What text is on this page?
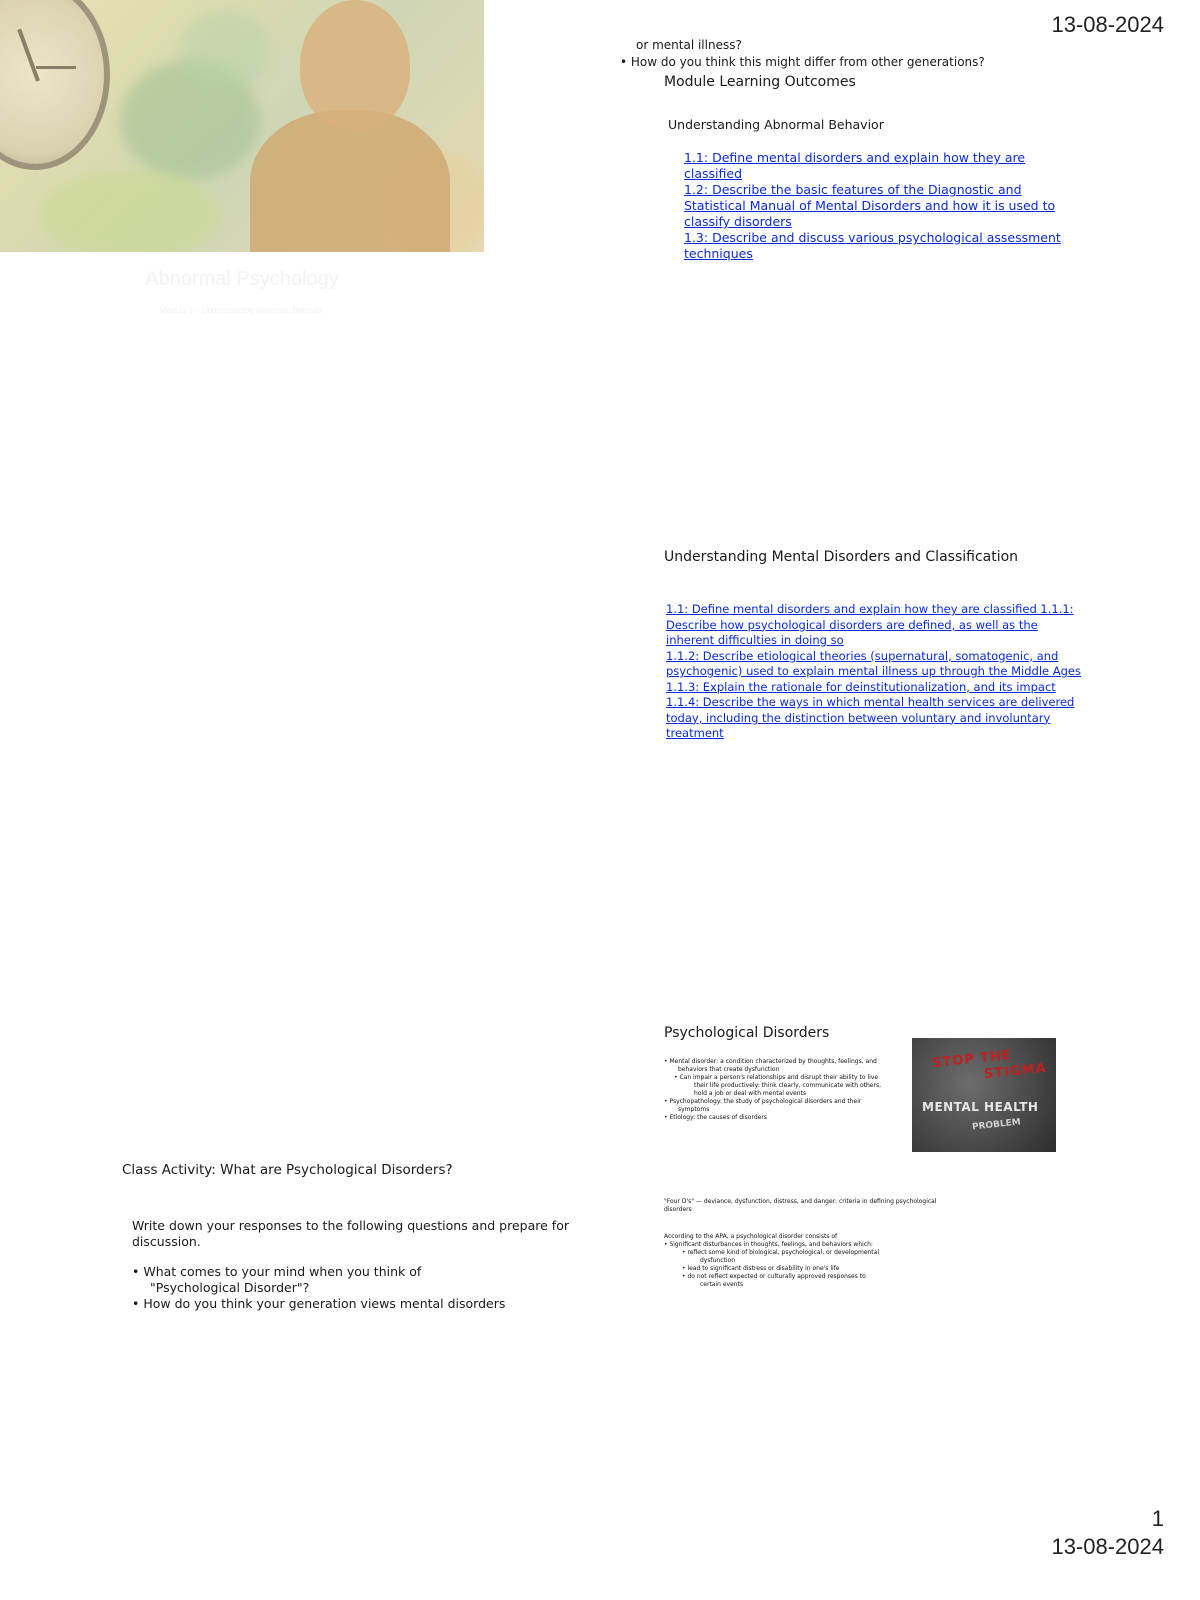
13-08-2024
1
13-08-2024
Abnormal Psychology
Module 1 – Understanding Abnormal Behavior
or mental illness?
• How do you think this might differ from other generations?
Module Learning Outcomes
Understanding Abnormal Behavior
1.1: Define mental disorders and explain how they are classified
1.2: Describe the basic features of the Diagnostic and Statistical Manual of Mental Disorders and how it is used to classify disorders
1.3: Describe and discuss various psychological assessment techniques
Understanding Mental Disorders and Classification
1.1: Define mental disorders and explain how they are classified 1.1.1: Describe how psychological disorders are defined, as well as the inherent difficulties in doing so
1.1.2: Describe etiological theories (supernatural, somatogenic, and psychogenic) used to explain mental illness up through the Middle Ages
1.1.3: Explain the rationale for deinstitutionalization, and its impact
1.1.4: Describe the ways in which mental health services are delivered today, including the distinction between voluntary and involuntary treatment
Psychological Disorders
• Mental disorder: a condition characterized by thoughts, feelings, and
behaviors that create dysfunction
• Can impair a person's relationships and disrupt their ability to live
their life productively: think clearly, communicate with others,
hold a job or deal with mental events
• Psychopathology: the study of psychological disorders and their
symptoms
• Etiology: the causes of disorders
STOP THE
STIGMA
MENTAL HEALTH
PROBLEM
"Four D's" — deviance, dysfunction, distress, and danger: criteria in defining psychological disorders
According to the APA, a psychological disorder consists of
• Significant disturbances in thoughts, feelings, and behaviors which:
• reflect some kind of biological, psychological, or developmental
dysfunction
• lead to significant distress or disability in one's life
• do not reflect expected or culturally approved responses to
certain events
Class Activity: What are Psychological Disorders?
Write down your responses to the following questions and prepare for discussion.
• What comes to your mind when you think of
"Psychological Disorder"?
• How do you think your generation views mental disorders
